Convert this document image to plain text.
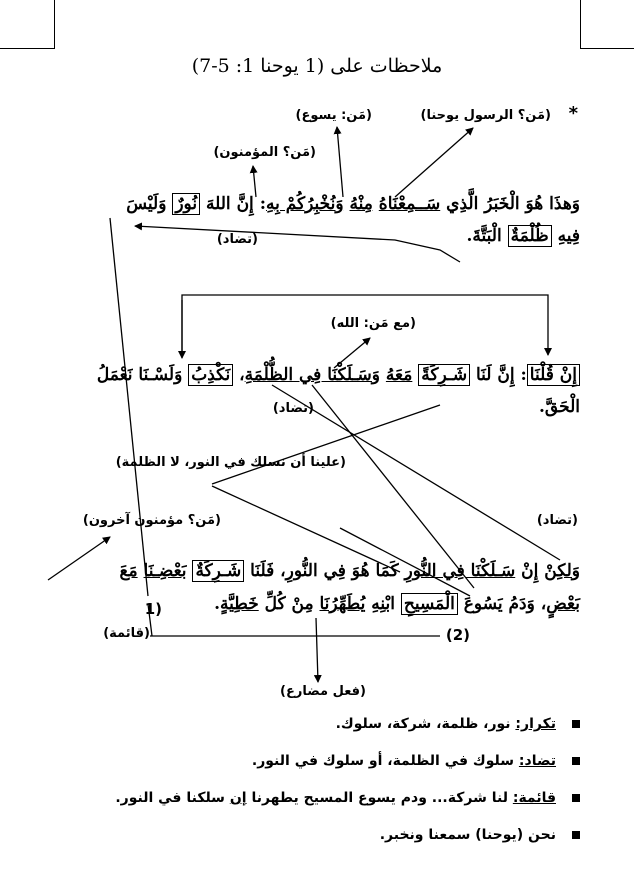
ملاحظات على (1 يوحنا 1: 5-7)
*
(مَن؟ الرسول يوحنا)
(مَن: يسوع)
(مَن؟ المؤمنون)
(تضاد)
(مع مَن: الله)
(تضاد)
(علينا أن نسلك في النور، لا الظلمة)
(مَن؟ مؤمنون آخرون)	(تضاد)
(قائمة)
(1
(2)
(فعل مضارع)
وَهذَا هُوَ الْخَبَرُ الَّذِي سَــمِعْنَاهُ مِنْهُ وَنُخْبِرُكُمْ بِهِ: إِنَّ اللهَ نُورٌ وَلَيْسَ
فِيهِ ظُلْمَةٌ الْبَتَّةَ.
إِنْ قُلْنَا: إِنَّ لَنَا شَـرِكَةً مَعَهُ وَسَـلَكْنَا فِي الظُّلْمَةِ، نَكْذِبُ وَلَسْـنَا نَعْمَلُ
الْحَقَّ.
وَلكِنْ إِنْ سَـلَكْنَا فِي النُّورِ كَمَا هُوَ فِي النُّورِ، فَلَنَا شَـرِكَةٌ بَعْضِـنَا مَعَ
بَعْضٍ، وَدَمُ يَسُوعَ الْمَسِيحِ ابْنِهِ يُطَهِّرُنَا مِنْ كُلِّ خَطِيَّةٍ.
تكرار: نور، ظلمة، شركة، سلوك.
تضاد: سلوك في الظلمة، أو سلوك في النور.
قائمة: لنا شركة... ودم يسوع المسيح يطهرنا إن سلكنا في النور.
نحن (يوحنا) سمعنا ونخبر.
